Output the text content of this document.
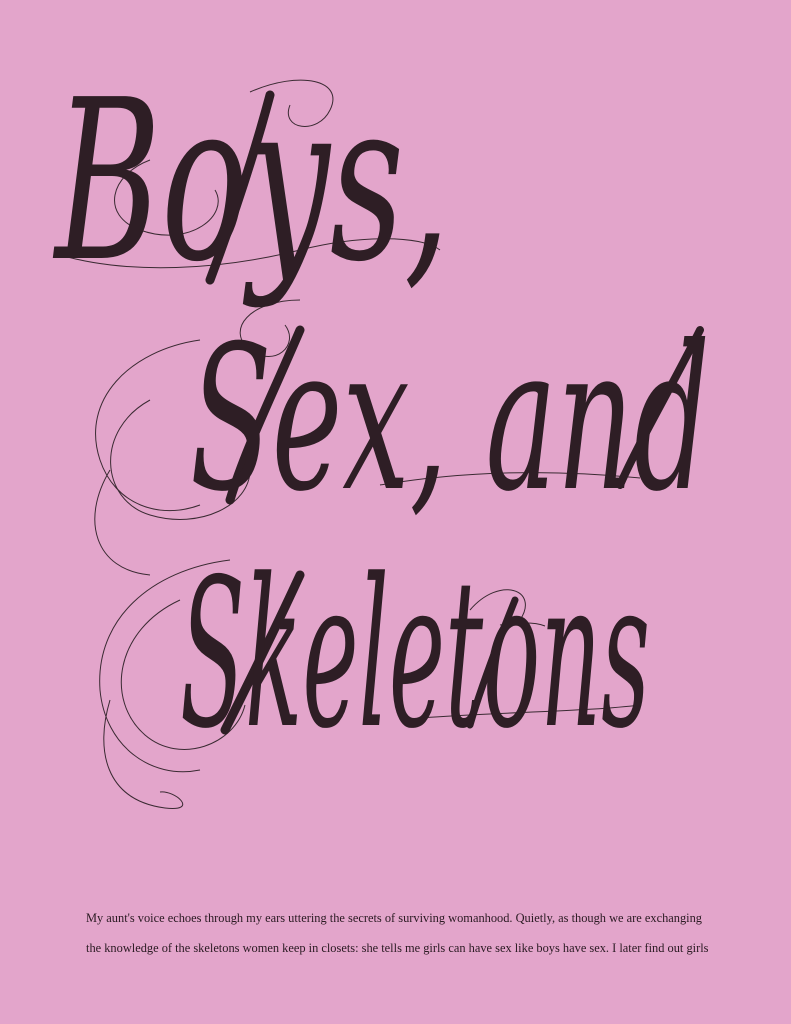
Boys,
Sex, and
Skeletons

My aunt's voice echoes through my ears uttering the secrets of surviving womanhood. Quietly, as though we are exchanging
the knowledge of the skeletons women keep in closets: she tells me girls can have sex like boys have sex. I later find out girls
